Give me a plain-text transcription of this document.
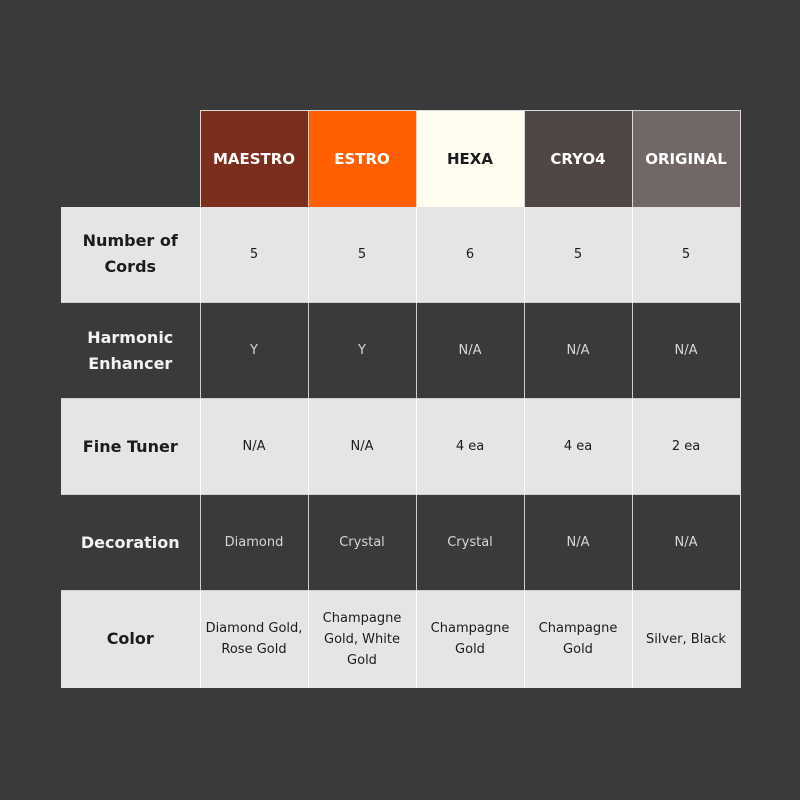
	MAESTRO	ESTRO	HEXA	CRYO4	ORIGINAL
Number of Cords	5	5	6	5	5
Harmonic Enhancer	Y	Y	N/A	N/A	N/A
Fine Tuner	N/A	N/A	4 ea	4 ea	2 ea
Decoration	Diamond	Crystal	Crystal	N/A	N/A
Color	Diamond Gold, Rose Gold	Champagne Gold, White Gold	Champagne Gold	Champagne Gold	Silver, Black
